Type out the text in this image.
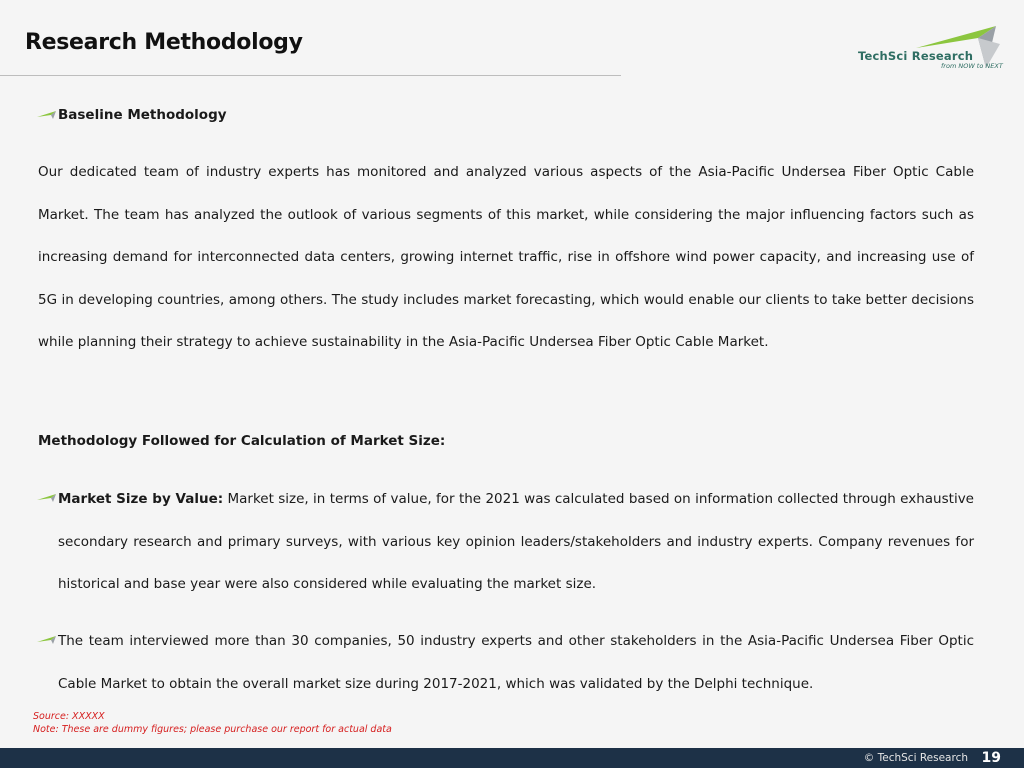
Research Methodology
TechSci Research
from NOW to NEXT
Baseline Methodology
Our dedicated team of industry experts has monitored and analyzed various aspects of the Asia-Pacific Undersea Fiber Optic Cable Market. The team has analyzed the outlook of various segments of this market, while considering the major influencing factors such as increasing demand for interconnected data centers, growing internet traffic, rise in offshore wind power capacity, and increasing use of 5G in developing countries, among others. The study includes market forecasting, which would enable our clients to take better decisions while planning their strategy to achieve sustainability in the Asia-Pacific Undersea Fiber Optic Cable Market.
Methodology Followed for Calculation of Market Size:
Market Size by Value: Market size, in terms of value, for the 2021 was calculated based on information collected through exhaustive secondary research and primary surveys, with various key opinion leaders/stakeholders and industry experts. Company revenues for historical and base year were also considered while evaluating the market size.
The team interviewed more than 30 companies, 50 industry experts and other stakeholders in the Asia-Pacific Undersea Fiber Optic Cable Market to obtain the overall market size during 2017-2021, which was validated by the Delphi technique.
Source: XXXXX
Note: These are dummy figures; please purchase our report for actual data
© TechSci Research 19
